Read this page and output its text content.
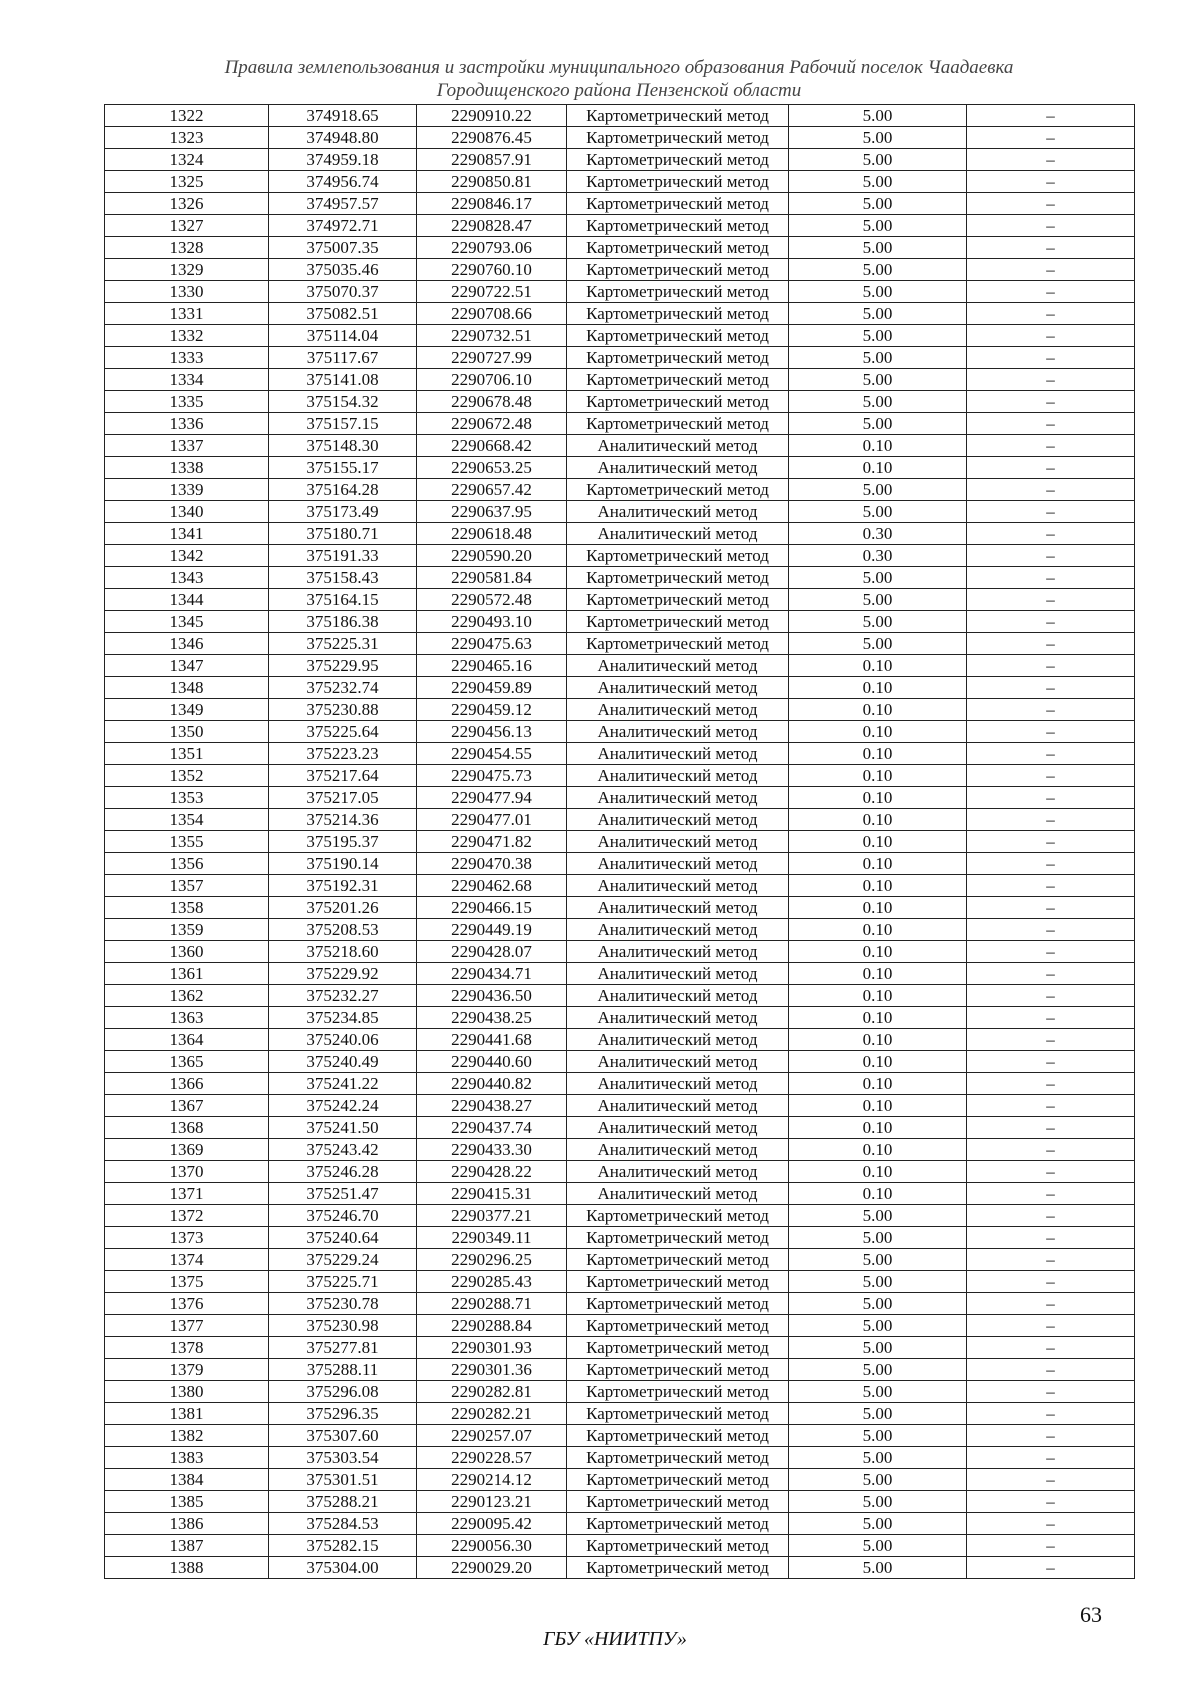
Правила землепользования и застройки муниципального образования Рабочий поселок Чаадаевка
Городищенского района Пензенской области
1322	374918.65	2290910.22	Картометрический метод	5.00	–
1323	374948.80	2290876.45	Картометрический метод	5.00	–
1324	374959.18	2290857.91	Картометрический метод	5.00	–
1325	374956.74	2290850.81	Картометрический метод	5.00	–
1326	374957.57	2290846.17	Картометрический метод	5.00	–
1327	374972.71	2290828.47	Картометрический метод	5.00	–
1328	375007.35	2290793.06	Картометрический метод	5.00	–
1329	375035.46	2290760.10	Картометрический метод	5.00	–
1330	375070.37	2290722.51	Картометрический метод	5.00	–
1331	375082.51	2290708.66	Картометрический метод	5.00	–
1332	375114.04	2290732.51	Картометрический метод	5.00	–
1333	375117.67	2290727.99	Картометрический метод	5.00	–
1334	375141.08	2290706.10	Картометрический метод	5.00	–
1335	375154.32	2290678.48	Картометрический метод	5.00	–
1336	375157.15	2290672.48	Картометрический метод	5.00	–
1337	375148.30	2290668.42	Аналитический метод	0.10	–
1338	375155.17	2290653.25	Аналитический метод	0.10	–
1339	375164.28	2290657.42	Картометрический метод	5.00	–
1340	375173.49	2290637.95	Аналитический метод	5.00	–
1341	375180.71	2290618.48	Аналитический метод	0.30	–
1342	375191.33	2290590.20	Картометрический метод	0.30	–
1343	375158.43	2290581.84	Картометрический метод	5.00	–
1344	375164.15	2290572.48	Картометрический метод	5.00	–
1345	375186.38	2290493.10	Картометрический метод	5.00	–
1346	375225.31	2290475.63	Картометрический метод	5.00	–
1347	375229.95	2290465.16	Аналитический метод	0.10	–
1348	375232.74	2290459.89	Аналитический метод	0.10	–
1349	375230.88	2290459.12	Аналитический метод	0.10	–
1350	375225.64	2290456.13	Аналитический метод	0.10	–
1351	375223.23	2290454.55	Аналитический метод	0.10	–
1352	375217.64	2290475.73	Аналитический метод	0.10	–
1353	375217.05	2290477.94	Аналитический метод	0.10	–
1354	375214.36	2290477.01	Аналитический метод	0.10	–
1355	375195.37	2290471.82	Аналитический метод	0.10	–
1356	375190.14	2290470.38	Аналитический метод	0.10	–
1357	375192.31	2290462.68	Аналитический метод	0.10	–
1358	375201.26	2290466.15	Аналитический метод	0.10	–
1359	375208.53	2290449.19	Аналитический метод	0.10	–
1360	375218.60	2290428.07	Аналитический метод	0.10	–
1361	375229.92	2290434.71	Аналитический метод	0.10	–
1362	375232.27	2290436.50	Аналитический метод	0.10	–
1363	375234.85	2290438.25	Аналитический метод	0.10	–
1364	375240.06	2290441.68	Аналитический метод	0.10	–
1365	375240.49	2290440.60	Аналитический метод	0.10	–
1366	375241.22	2290440.82	Аналитический метод	0.10	–
1367	375242.24	2290438.27	Аналитический метод	0.10	–
1368	375241.50	2290437.74	Аналитический метод	0.10	–
1369	375243.42	2290433.30	Аналитический метод	0.10	–
1370	375246.28	2290428.22	Аналитический метод	0.10	–
1371	375251.47	2290415.31	Аналитический метод	0.10	–
1372	375246.70	2290377.21	Картометрический метод	5.00	–
1373	375240.64	2290349.11	Картометрический метод	5.00	–
1374	375229.24	2290296.25	Картометрический метод	5.00	–
1375	375225.71	2290285.43	Картометрический метод	5.00	–
1376	375230.78	2290288.71	Картометрический метод	5.00	–
1377	375230.98	2290288.84	Картометрический метод	5.00	–
1378	375277.81	2290301.93	Картометрический метод	5.00	–
1379	375288.11	2290301.36	Картометрический метод	5.00	–
1380	375296.08	2290282.81	Картометрический метод	5.00	–
1381	375296.35	2290282.21	Картометрический метод	5.00	–
1382	375307.60	2290257.07	Картометрический метод	5.00	–
1383	375303.54	2290228.57	Картометрический метод	5.00	–
1384	375301.51	2290214.12	Картометрический метод	5.00	–
1385	375288.21	2290123.21	Картометрический метод	5.00	–
1386	375284.53	2290095.42	Картометрический метод	5.00	–
1387	375282.15	2290056.30	Картометрический метод	5.00	–
1388	375304.00	2290029.20	Картометрический метод	5.00	–
63
ГБУ «НИИТПУ»
